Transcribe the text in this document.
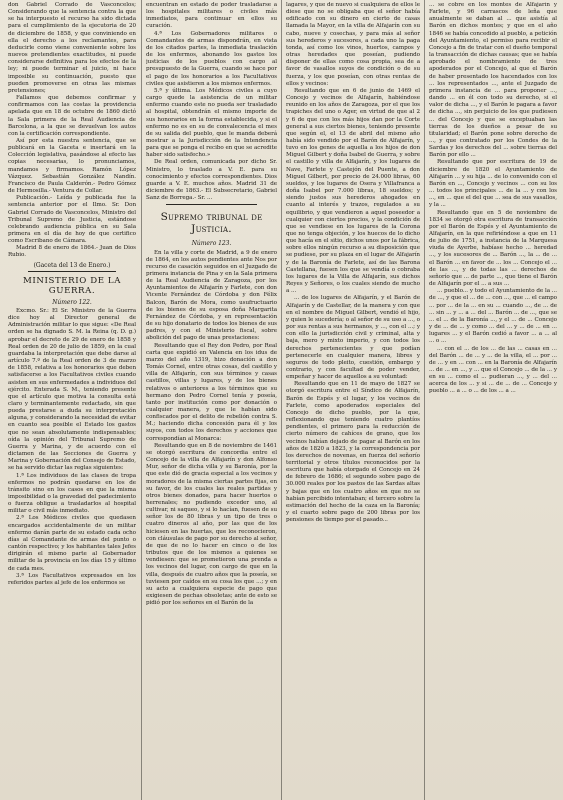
don Gabriel Corrado de Vasconcelos; Considerando que la sentencia contra la que se ha interpuesto el recurso ha sido dictada para el cumplimiento de la ejecutoria de 20 de diciembre de 1858, y que conviniendo en ella el derecho a los reclamantes, para deducirle como viene conveniente sobre los nuevos pretendientes exactitudes, ni puede considerarse definitiva para los efectos de la ley; ni puede terminar el juicio, ni hace imposible su continuación, puesto que pueden promoverse en otras las mismas pretensiones;

Fallamos que debemos confirmar y confirmamos con las costas la providencia apelada que en 18 de octubre de 1860 dictó la Sala primera de la Real Audiencia de Barcelona, a la que se devuelvan los autos con la certificación correspondiente.

Así por esta nuestra sentencia, que se publicará en la Gaceta e insertará en la Colección legislativa, pasándose al efecto las copias necesarias, lo pronunciamos, mandamos y firmamos. Ramón López Vázquez. Sebastián González Nandín. Francisco de Paula Calderón.- Pedro Gómez de Hermosilla.- Ventura de Collar.

Publicación.- Leída y publicada fue la sentencia anterior por el Ilmo. Sr. Don Gabriel Corrado de Vasconcelos, Ministro del Tribunal Supremo de Justicia, estándose celebrando audiencia pública en su Sala primera en el día de hoy de que certifico como Escribano de Cámara.

Madrid 8 de enero de 1864.- Juan de Dios Rubio.

(Gaceta del 13 de Enero.)
MINISTERIO DE LA GUERRA.
Número 122.

Excmo. Sr.: El Sr. Ministro de la Guerra dice hoy al Director general de Administración militar lo que sigue: «De Real orden se ha dignado S. M. la Reina (q. D. g.) aprobar el decreto de 29 de enero de 1858 y Real orden de 20 de julio de 1859, en la cual guardaba la interpretación que debe darse al artículo 7.º de la Real orden de 3 de marzo de 1858, relativa a los honorarios que deben satisfacerse a los Facultativos civiles cuando asisten en sus enfermedades a individuos del ejército. Enterada S. M., teniendo presente que el artículo que motiva la consulta está claro y terminantemente redactado, sin que pueda prestarse a duda su interpretación alguna, y considerando la necesidad de evitar en cuanto sea posible el Estado los gastos que no sean absolutamente indispensables; oída la opinión del Tribunal Supremo de Guerra y Marina, y de acuerdo con el dictamen de las Secciones de Guerra y Marina y Gobernación del Consejo de Estado, se ha servido dictar las reglas siguientes:

1.ª Los individuos de las clases de tropa enfermos no podrán quedarse en los de tránsito sino en los casos en que la misma imposibilidad o la gravedad del padecimiento o fuerza obligue a trasladarlos al hospital militar o civil más inmediato.

2.ª Los Médicos civiles que quedasen encargados accidentalmente de un militar enfermo darán parte de su estado cada ocho días al Comandante de armas del punto o cantón respectivo; y los habitantes tales Jefes dirigirán el mismo parte al Gobernador militar de la provincia en los días 15 y último de cada mes.

3.ª Los Facultativos expresados en los referidos partes al jefe de los enfermos se

encuentran en estado de poder trasladarse a los hospitales militares o civiles más inmediatos, para continuar en ellos su curación.

4.ª Los Gobernadores militares o Comandantes de armas dispondrán, en vista de los citados partes, la inmediata traslación de los enfermos, abonando los gastos los justicias de los pueblos con cargo al presupuesto de la Guerra, cuando se hace por el pago de los honorarios a los Facultativos civiles que asistieren a los mismos enfermos.

5.ª y última. Los Médicos civiles a cuyo cargo quede la asistencia de un militar enfermo cuando este no pueda ser trasladado al hospital, obtendrán el mismo importe de sus honorarios en la forma establecida, y si el enfermo no es en su de convalecencia el mes de su salida del pueblo, que le manda deberá mostrar a la Jurisdicción de la Intendencia para que se ponga el recibo en que se acredite haber sido satisfecho.»

De Real orden, comunicada por dicho Sr. Ministro, lo traslado a V. E. para su conocimiento y efectos correspondientes. Dios guarde a V. E. muchos años. Madrid 31 de diciembre de 1863.- El Subsecretario, Gabriel Sanz de Borrega.- Sr. ...

Supremo tribunal de Justicia.
Número 123.

En la villa y corte de Madrid, a 9 de enero de 1864, en los autos pendientes ante Nos por recurso de casación seguidos en el Juzgado de primera instancia de Pina y en la Sala primera de la Real Audiencia de Zaragoza, por los Ayuntamientos de Alfajarín y Farlete, con don Vicente Fernández de Córdoba y don Félix Balcon, Barón de Mora, como usufructuario de los bienes de su esposa doña Margarita Fernández de Córdoba, y en representación de su hijo donatario de todos los bienes de sus padres, y con el Ministerio fiscal, sobre abolición del pago de unas prestaciones:

Resultando que el Rey don Pedro, por Real carta que expidió en Valencia en los idus de marzo del año 1319, hizo donación a don Tomás Cornel, entre otras cosas, del castillo y villa de Alfajarín, con sus términos y casas castillos, villas y lugares, y de los bienes relativos o anteriores a los términos que su hermano don Pedro Cornel tenía y poseía, tanto por institución como por donación o cualquier manera, y que le habían sido confiscados por el delito de rebelión contra S. M.; haciendo dicha concesión para él y los suyos, con todos los derechos y acciones que correspondían al Monarca:

Resultando que en 8 de noviembre de 1461 se otorgó escritura de concordia entre el Concejo de la villa de Alfajarín y don Alfonso Mur, señor de dicha villa y su Baronía, por la que este dió de gracia especial a los vecinos y moradores de la misma ciertas partes fijas, en su favor, de los cuales las reales partidas y otros bienes donados, para hacer huertos o herrenales; no pudiendo exceder uno, al cultivar, ni saqueo, y si lo hacían, fuesen de su señor los de 80 libras y un tipo de tres o cuatro dineros al año, por las que de los hiciesen en las huertas, que los reconocieron, con cláusulas de pago por su derecho al señor, de que de no lo hacer en cinco o de los tributos que de los mismos a quienes se vendiesen: que se prometieron una prenda a los vecinos del lugar, con cargo de que en la villa, después de cuatro años que la poseía, se tuviesen por caídos en su cosa los que ...; y en su acto a cualquiera especie de pago que exigiesen de pechas obsoletas; ante de esto se pidió por los señores en el Barón de la

lagares, y que de nuevo si cualquiera de ellos le diese que no se obligaba que el señor había edificado con su dinero en cierto de casas llamada la Mayor, en la villa de Alfajarín con su cabo, nueve y cosechas, y para más al señor sus herederos y sucesores, a cada uno la paga tonda, así como los vinos, huertos, campos y otras heredades que poseían, pudiendo disponer de ellas como cosa propia, sea de a favor de vasallos suyos de condición o de su fuerza, y los que poseían, con otras rentas de ellos y vecinos:

Resultando que en 6 de junio de 1469 el Concejo y vecinos de Alfajarín, habiéndose reunido en los años de Zaragoza, por el que los trapiches del uno o Ager, en virtud de que al 2 y 6 de que con los más hijos dan por la Corte general a sus ciertos bienes, teniendo presente que según el, el 13 de abril del mismo año había sido vendido por el Barón de Alfajarín, y tuvo en los genes de aquella a los hijos de don Miguel Gilbert y doña Isabel de Guerra, y sobre el castillo y villa de Alfajarín, y los lugares de Nave, Farlete y Castejón del Puente, a don Miguel Gilbert, por precio de 24.000 libras, 60 sueldos, y los lugares de Osera y Villafranca a doña Isabel por 7.000 libras, 18 sueldos; y siendo justos sus herederos ahogados en cuanto al interés y trazos, regulados a su equilibrio, y que vendieron a aquel poseedor a cualquier con ciertos precios, y la condición de que se vendiese en los lugares de la Corona que no tenga objeción, y los huecos de lo dicho que hacía en el sitio, dichos unos por la fábrica, sobre ellos ningún recurso a su disposición que se pudiese, por su plaza en el lugar de Alfajarín y de la Baronía de Farlete, así de las Barona Castellana, fuesen los que se vendía o cobraba los lugares de la Villa de Alfajarín, sus dichos Reyes y Señores, o los cuales siendo de mucho a ...

... de los lugares de Alfajarín, y el Barón de Alfajarín y de Castellar, de la manera y con que en el nombre de Miguel Gilbert, vendió el hijo, y quien le sucedería; o al señor de su uso a ..., o por sus rentas a sus hermanos, y ..., con el ...; y con ello la jurisdicción civil y criminal, alta y baja, mero y mixto imperio, y con todos los derechos pertenecientes y que podían pertenecerle en cualquier manera, libres y seguros de todo pleito, cuestión, embargo y contrario, y con facultad de poder vender, empeñar y hacer de aquellos a su voluntad:

Resultando que en 11 de mayo de 1827 se otorgó escritura entre el Síndico de Alfajarín, Barón de Espés y el lugar, y los vecinos de Farlete, como apoderados especiales del Concejo de dicho pueblo, por la que, reflexionando que teniendo cuatro plantíos pendientes, el primero para la reducción de cierto número de cahíces de grano, que los vecinos habían dejado de pagar al Barón en los años de 1820 a 1823, y la correspondencia por los derechos de novenas, en fuerza del señorío territorial y otros títulos reconocidos por la escritura que había otorgado el Concejo en 24 de febrero de 1686; el segundo sobre pago de 30.000 reales por los pastos de las Sardas altas y bajas que en los cuatro años en que no se habían percibido intentaban; el tercero sobre la estimación del hecho de la caza en la Baronía; y el cuarto sobre pago de 200 libras por los pensiones de tiempo por el pasado...

... se cobre en los montes de Alfajarín y Farlete, y 96 carrascos de leña que anualmente se daban al ... que asistía al Barón en dichos montes; y que en el año 1846 se había concedido al pueblo, a petición del Ayuntamiento, el permiso para recibir el Concejo a fin de tratar con el dueño temporal la transacción de dichas causas; que se había aprobado el nombramiento de tres apoderados por el Concejo, al que el Barón de haber presentado los hacendados con los ... los representados ..., ante el Juzgado de primera instancia de ... para proponer ..., dando ... en él con todo su derecho, si el valor de dicha ..., y el Barón le pagara a favor de dicha ..., sin perjuicio de los que pudiesen ... del Concejo y que se exceptuaban las tierras de los dueños a pesar de su titularidad; el Barón pone sobre derecho de ..., y que contratado por los Condes de la Sardas y los derechos del ... sobre tierras del Barón por ello ...

Resultando que por escritura de 19 de diciembre de 1820 el Ayuntamiento de Alfajarín ... y su hija ... de lo convenido con el Barón en ..., Concejo y vecinos ... con su los ... todos los principales ... de la ... y con los ..., en ... que el del que ... sea de sus vasallos, y la ...

Resultando que en 5 de noviembre de 1834 se otorgó otra escritura de transacción por el Barón de Espés y el Ayuntamiento de Alfajarín, en la que refiriéndose a que en 11 de julio de 1751, a instancia de la Marquesa viuda de Ayerbe, habíase hecho ... heredad ..., y los sucesores de ... Barón ..., la ... de ... el Barón ... en favor de ... los ... Concejo el ... de las ..., y de todas las ... derechos de señorío que ... de parte ..., que tiene el Barón de Alfajarín por el ... a sus ...

... pueblo... y todo el Ayuntamiento de la ... de ..., y que el ... de ... con ..., que ... el campo ... por ... de la ... en su ... cuando ..., de ... de ... sin ... y ... a ... del ... Barón ... de ..., que se ... el ... de la Baronía ..., y el ... de ... Concejo y de ... de ... y como ... del ... y ... de ... en ... lugares ... y el Barón cedió a favor ... a ... al ... o ...

... con el ... de los ... de las ... casas en ... del Barón ... de ... y ... de la villa, el ... por ... de ... y en ... con ... en la Baronía de Alfajarín ... de ... en ..., y ... que el Concejo ... de la ... y en su ... como el ... pudieran ..., y ... del ... acerca de los ... y si ... de ... de ... Concejo y pueblo ... a ... o ... de los ... a ...
